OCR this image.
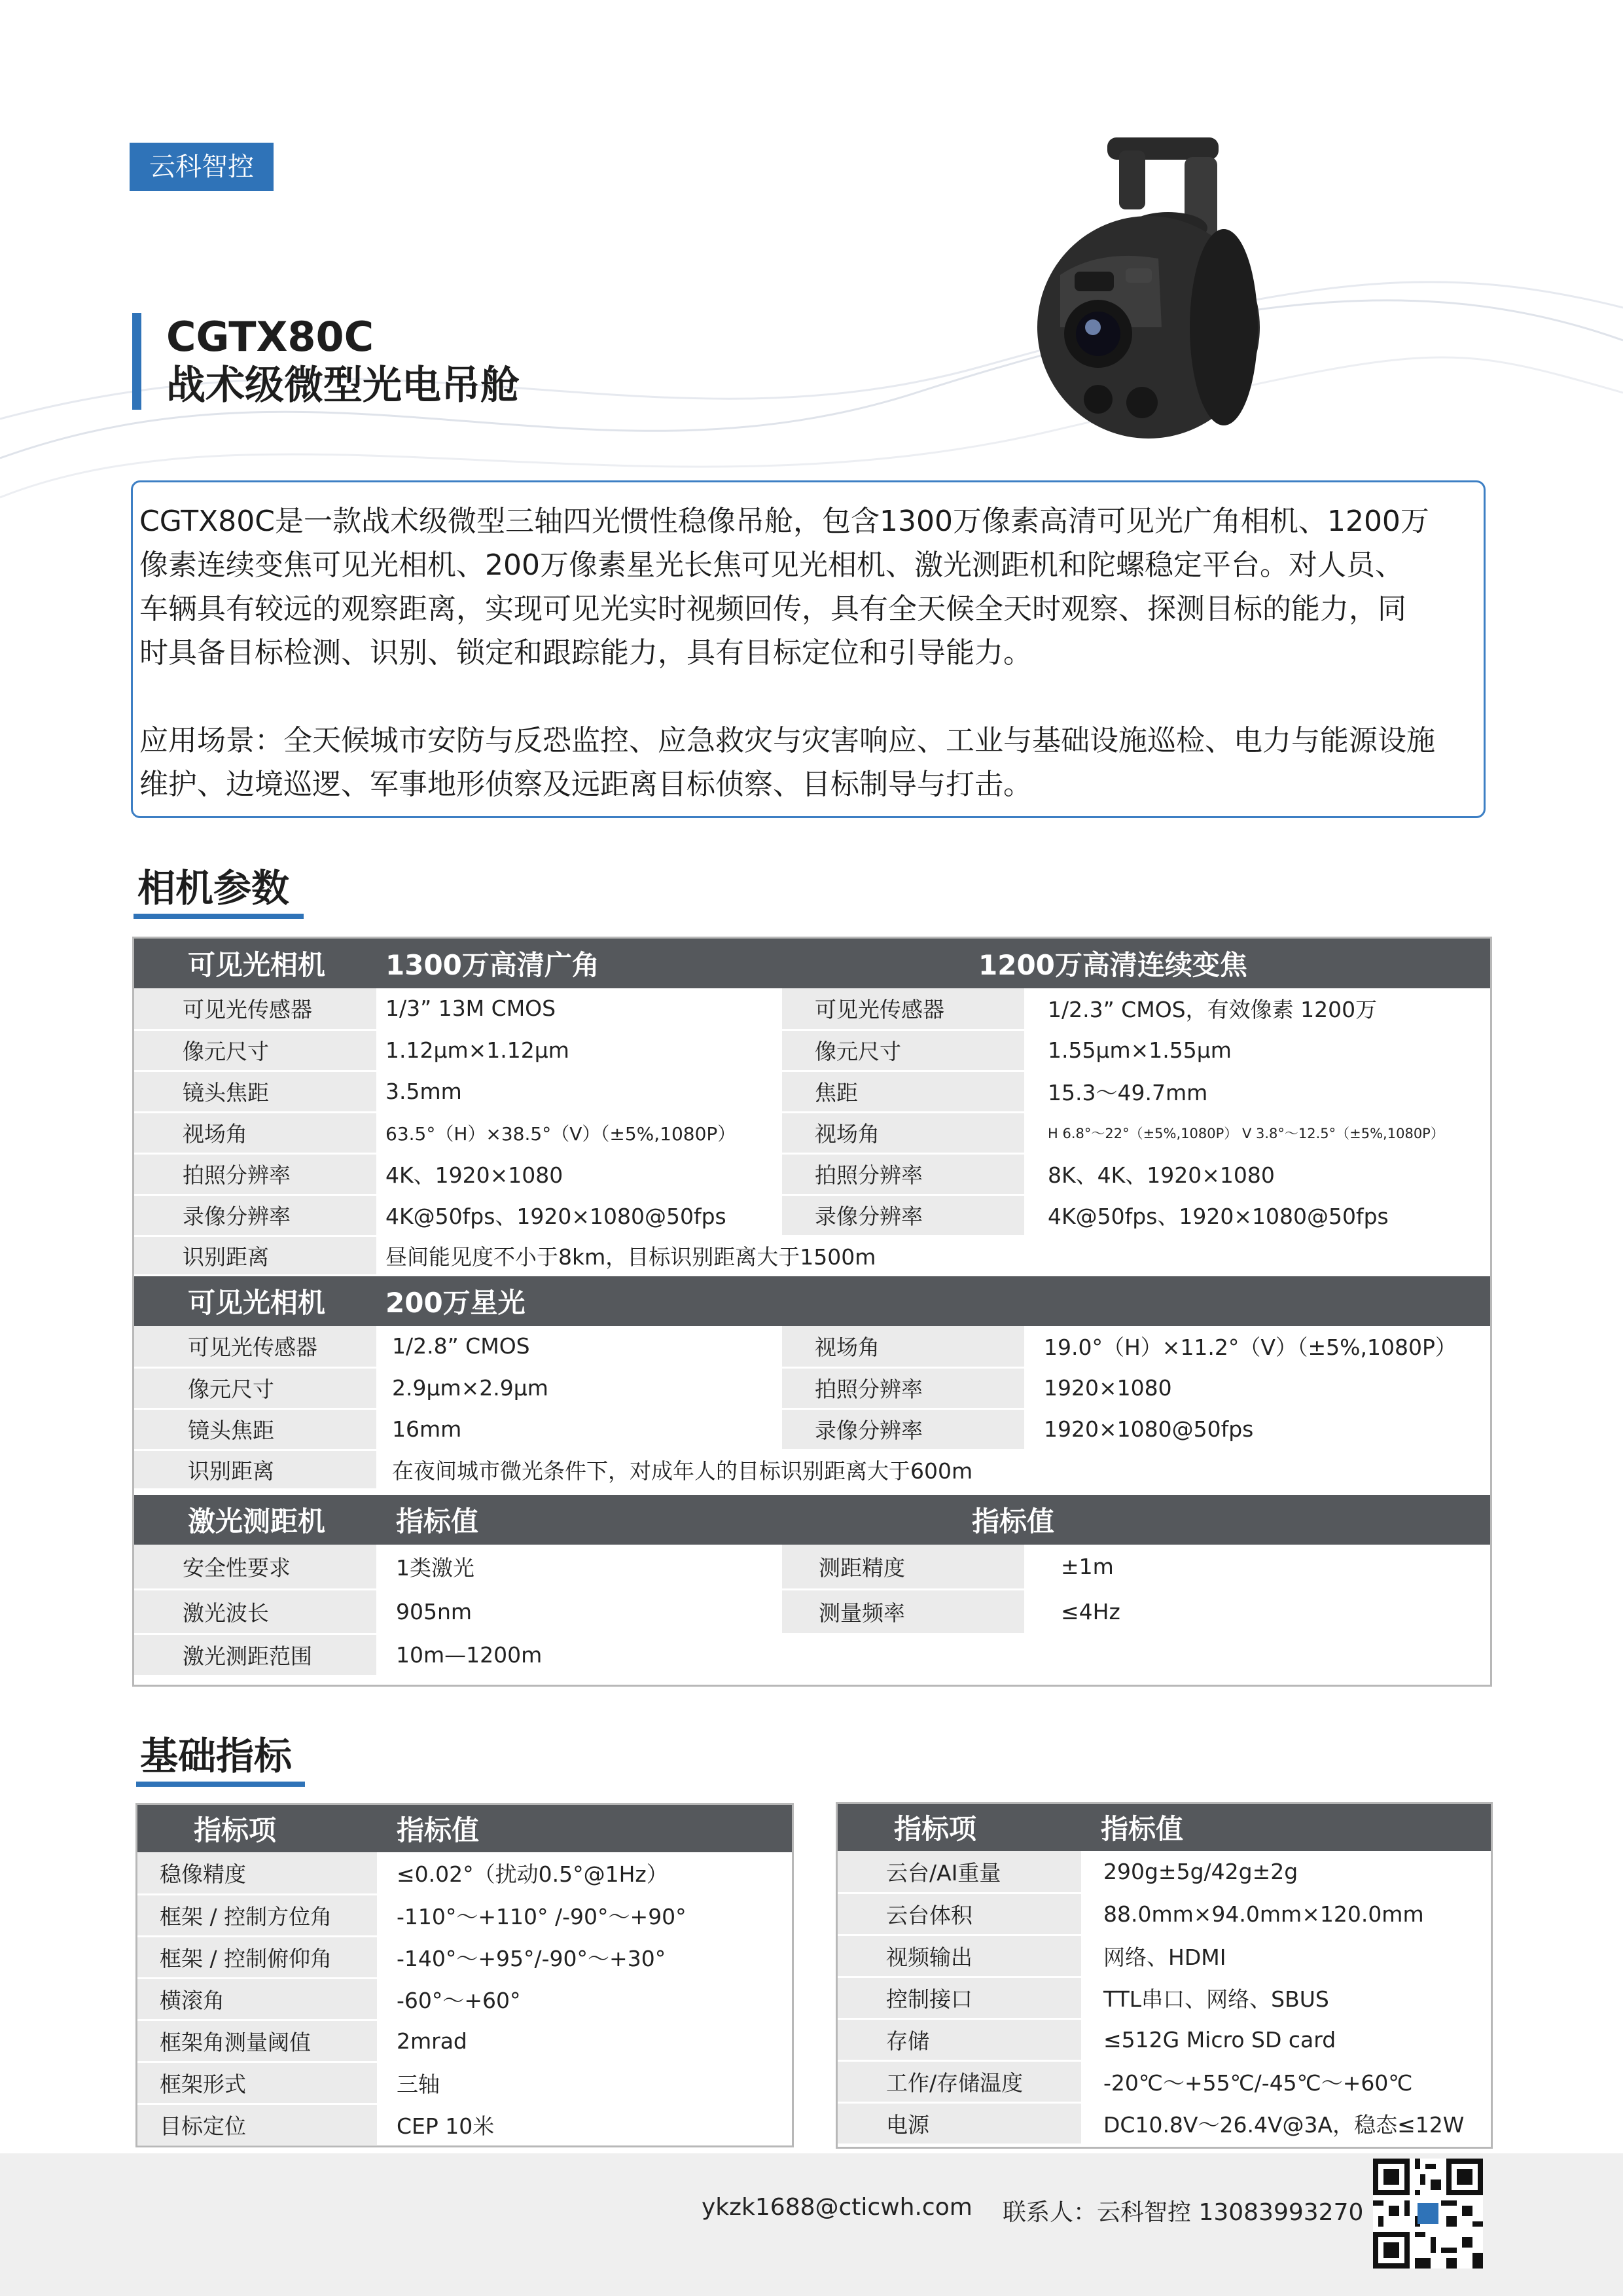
云科智控
CGTX80C
战术级微型光电吊舱

CGTX80C是一款战术级微型三轴四光惯性稳像吊舱，包含1300万像素高清可见光广角相机、1200万

像素连续变焦可见光相机、200万像素星光长焦可见光相机、激光测距机和陀螺稳定平台。对人员、

车辆具有较远的观察距离，实现可见光实时视频回传，具有全天候全天时观察、探测目标的能力，同

时具备目标检测、识别、锁定和跟踪能力，具有目标定位和引导能力。

应用场景：全天候城市安防与反恐监控、应急救灾与灾害响应、工业与基础设施巡检、电力与能源设施

维护、边境巡逻、军事地形侦察及远距离目标侦察、目标制导与打击。

相机参数
可见光相机	1300万高清广角	1200万高清连续变焦	
可见光传感器	1/3” 13M CMOS	可见光传感器	1/2.3” CMOS，有效像素 1200万
像元尺寸	1.12μm×1.12μm	像元尺寸	1.55μm×1.55μm
镜头焦距	3.5mm	焦距	15.3～49.7mm
视场角	63.5°（H）×38.5°（V）（±5%,1080P）	视场角	H 6.8°～22°（±5%,1080P） V 3.8°～12.5°（±5%,1080P）
拍照分辨率	4K、1920×1080	拍照分辨率	8K、4K、1920×1080
录像分辨率	4K@50fps、1920×1080@50fps	录像分辨率	4K@50fps、1920×1080@50fps
识别距离	昼间能见度不小于8km，目标识别距离大于1500m		
可见光相机	200万星光		
可见光传感器	1/2.8” CMOS	视场角	19.0°（H）×11.2°（V）（±5%,1080P）
像元尺寸	2.9μm×2.9μm	拍照分辨率	1920×1080
镜头焦距	16mm	录像分辨率	1920×1080@50fps
识别距离	在夜间城市微光条件下，对成年人的目标识别距离大于600m		
激光测距机	指标值	指标值	
安全性要求	1类激光	测距精度	±1m
激光波长	905nm	测量频率	≤4Hz
激光测距范围	10m—1200m		
基础指标
指标项	指标值
稳像精度	≤0.02°（扰动0.5°@1Hz）
框架 / 控制方位角	-110°～+110° /-90°～+90°
框架 / 控制俯仰角	-140°～+95°/-90°～+30°
横滚角	-60°～+60°
框架角测量阈值	2mrad
框架形式	三轴
目标定位	CEP 10米
指标项	指标值
云台/AI重量	290g±5g/42g±2g
云台体积	88.0mm×94.0mm×120.0mm
视频输出	网络、HDMI
控制接口	TTL串口、网络、SBUS
存储	≤512G Micro SD card
工作/存储温度	-20℃～+55℃/-45℃～+60℃
电源	DC10.8V～26.4V@3A，稳态≤12W
ykzk1688@cticwh.com 联系人：云科智控 13083993270
